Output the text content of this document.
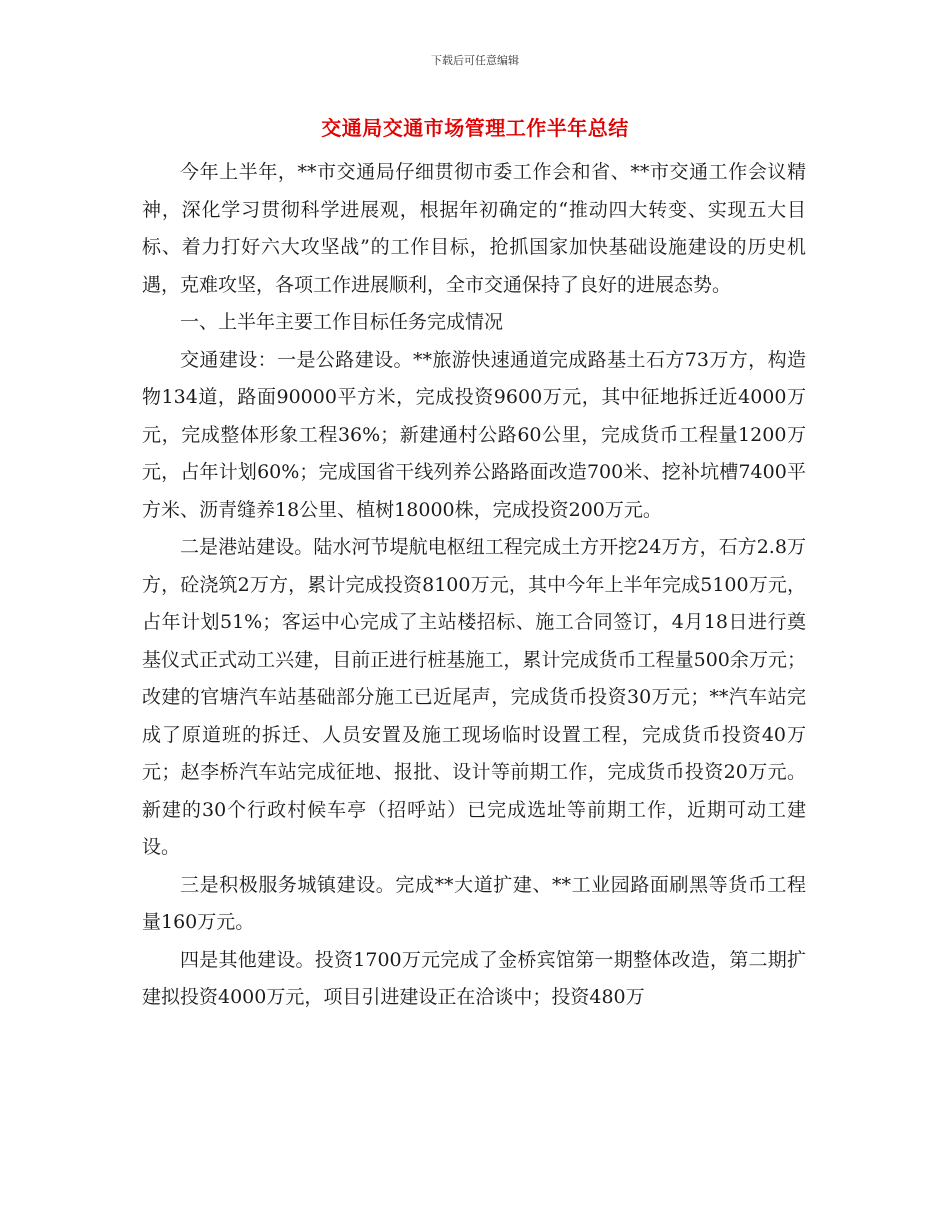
下载后可任意编辑
交通局交通市场管理工作半年总结

今年上半年，**市交通局仔细贯彻市委工作会和省、**市交通工作会议精神，深化学习贯彻科学进展观，根据年初确定的“推动四大转变、实现五大目标、着力打好六大攻坚战”的工作目标，抢抓国家加快基础设施建设的历史机遇，克难攻坚，各项工作进展顺利，全市交通保持了良好的进展态势。

一、上半年主要工作目标任务完成情况

交通建设：一是公路建设。**旅游快速通道完成路基土石方73万方，构造物134道，路面90000平方米，完成投资9600万元，其中征地拆迁近4000万元，完成整体形象工程36%；新建通村公路60公里，完成货币工程量1200万元，占年计划60%；完成国省干线列养公路路面改造700米、挖补坑槽7400平方米、沥青缝养18公里、植树18000株，完成投资200万元。

二是港站建设。陆水河节堤航电枢纽工程完成土方开挖24万方，石方2.8万方，砼浇筑2万方，累计完成投资8100万元，其中今年上半年完成5100万元，占年计划51%；客运中心完成了主站楼招标、施工合同签订，4月18日进行奠基仪式正式动工兴建，目前正进行桩基施工，累计完成货币工程量500余万元；改建的官塘汽车站基础部分施工已近尾声，完成货币投资30万元；**汽车站完成了原道班的拆迁、人员安置及施工现场临时设置工程，完成货币投资40万元；赵李桥汽车站完成征地、报批、设计等前期工作，完成货币投资20万元。新建的30个行政村候车亭（招呼站）已完成选址等前期工作，近期可动工建设。

三是积极服务城镇建设。完成**大道扩建、**工业园路面刷黑等货币工程量160万元。

四是其他建设。投资1700万元完成了金桥宾馆第一期整体改造，第二期扩建拟投资4000万元，项目引进建设正在洽谈中；投资480万
